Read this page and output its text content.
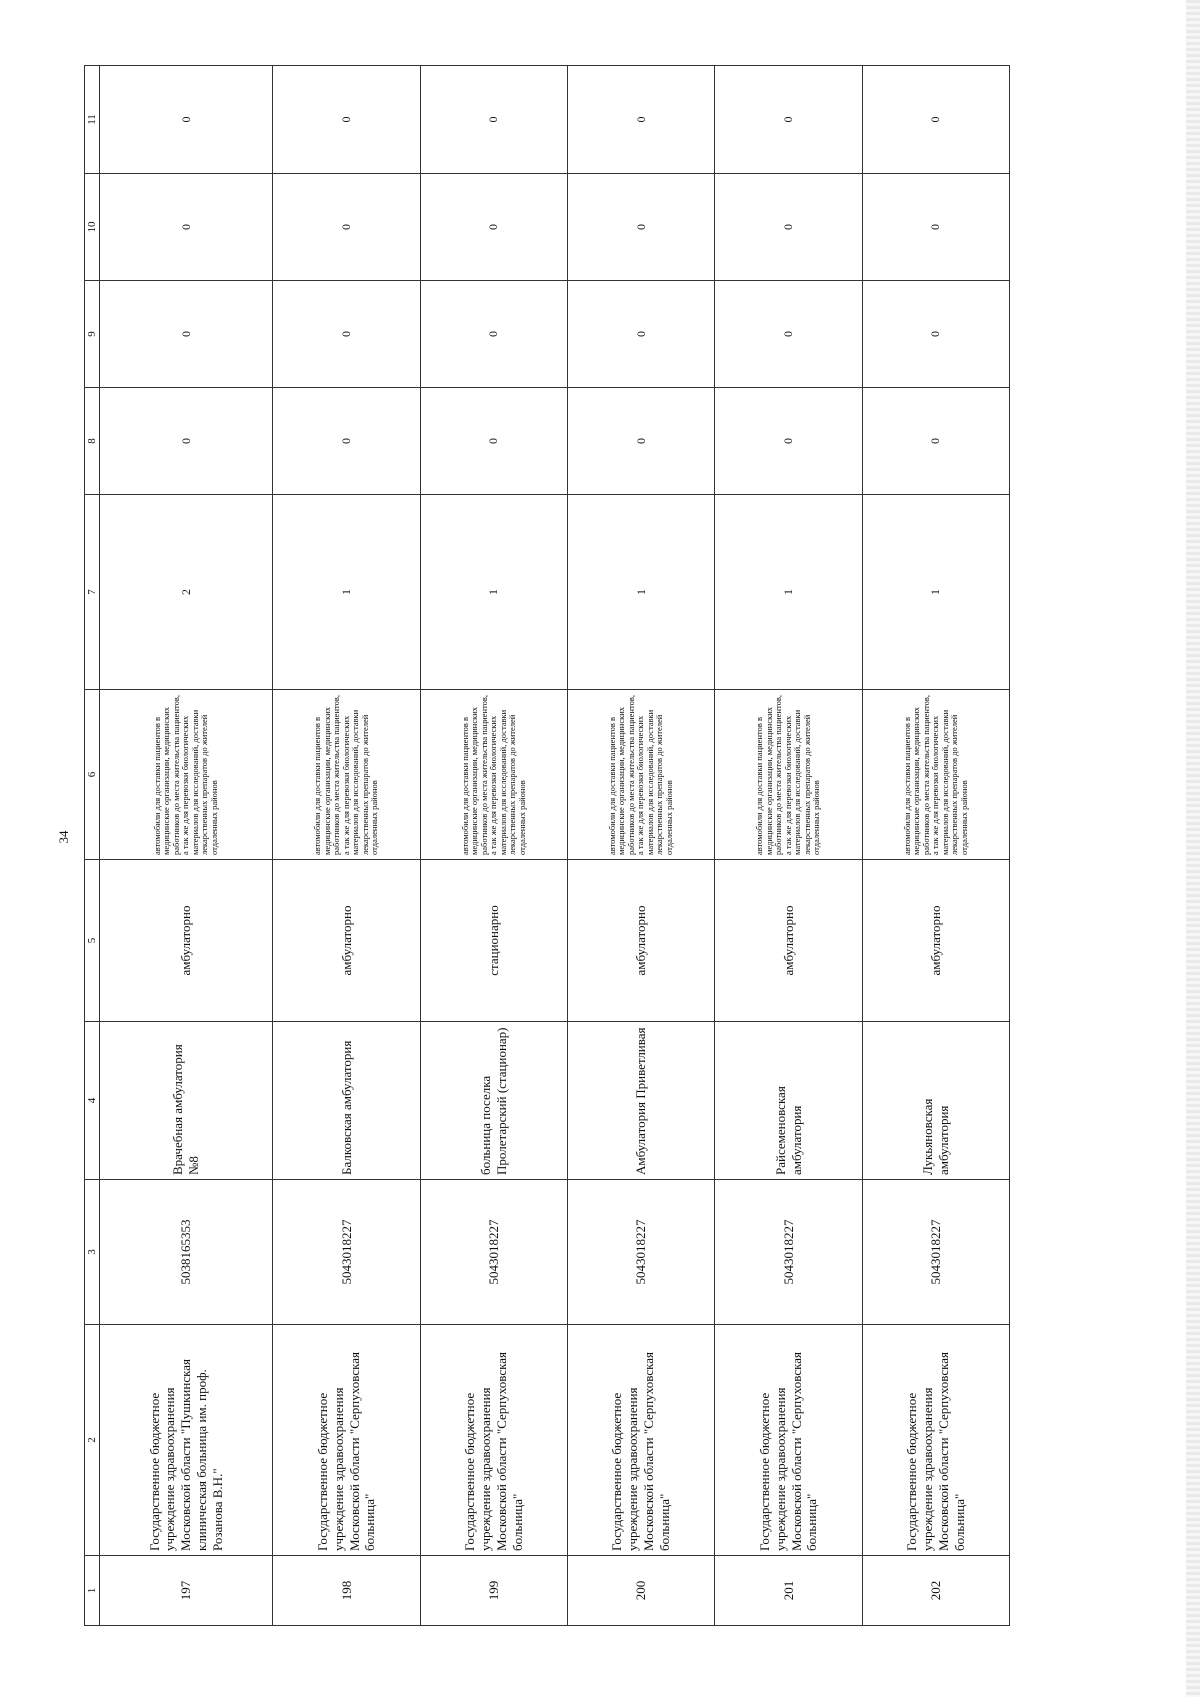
34
1	2	3	4	5	6	7	8	9	10	11
197	Государственное бюджетное учреждение здравоохранения Московской области "Пушкинская клиническая больница им. проф. Розанова В.Н."	5038165353	Врачебная амбулатория №8	амбулаторно	автомобили для доставки пациентов в медицинские организации, медицинских работников до места жительства пациентов, а так же для перевозки биологических материалов для исследований, доставки лекарственных препаратов до жителей отдаленных районов	2	0	0	0	0
198	Государственное бюджетное учреждение здравоохранения Московской области "Серпуховская больница"	5043018227	Балковская амбулатория	амбулаторно	автомобили для доставки пациентов в медицинские организации, медицинских работников до места жительства пациентов, а так же для перевозки биологических материалов для исследований, доставки лекарственных препаратов до жителей отдаленных районов	1	0	0	0	0
199	Государственное бюджетное учреждение здравоохранения Московской области "Серпуховская больница"	5043018227	больница поселка Пролетарский (стационар)	стационарно	автомобили для доставки пациентов в медицинские организации, медицинских работников до места жительства пациентов, а так же для перевозки биологических материалов для исследований, доставки лекарственных препаратов до жителей отдаленных районов	1	0	0	0	0
200	Государственное бюджетное учреждение здравоохранения Московской области "Серпуховская больница"	5043018227	Амбулатория Приветливая	амбулаторно	автомобили для доставки пациентов в медицинские организации, медицинских работников до места жительства пациентов, а так же для перевозки биологических материалов для исследований, доставки лекарственных препаратов до жителей отдаленных районов	1	0	0	0	0
201	Государственное бюджетное учреждение здравоохранения Московской области "Серпуховская больница"	5043018227	Райсеменовская амбулатория	амбулаторно	автомобили для доставки пациентов в медицинские организации, медицинских работников до места жительства пациентов, а так же для перевозки биологических материалов для исследований, доставки лекарственных препаратов до жителей отдаленных районов	1	0	0	0	0
202	Государственное бюджетное учреждение здравоохранения Московской области "Серпуховская больница"	5043018227	Лукьяновская амбулатория	амбулаторно	автомобили для доставки пациентов в медицинские организации, медицинских работников до места жительства пациентов, а так же для перевозки биологических материалов для исследований, доставки лекарственных препаратов до жителей отдаленных районов	1	0	0	0	0
